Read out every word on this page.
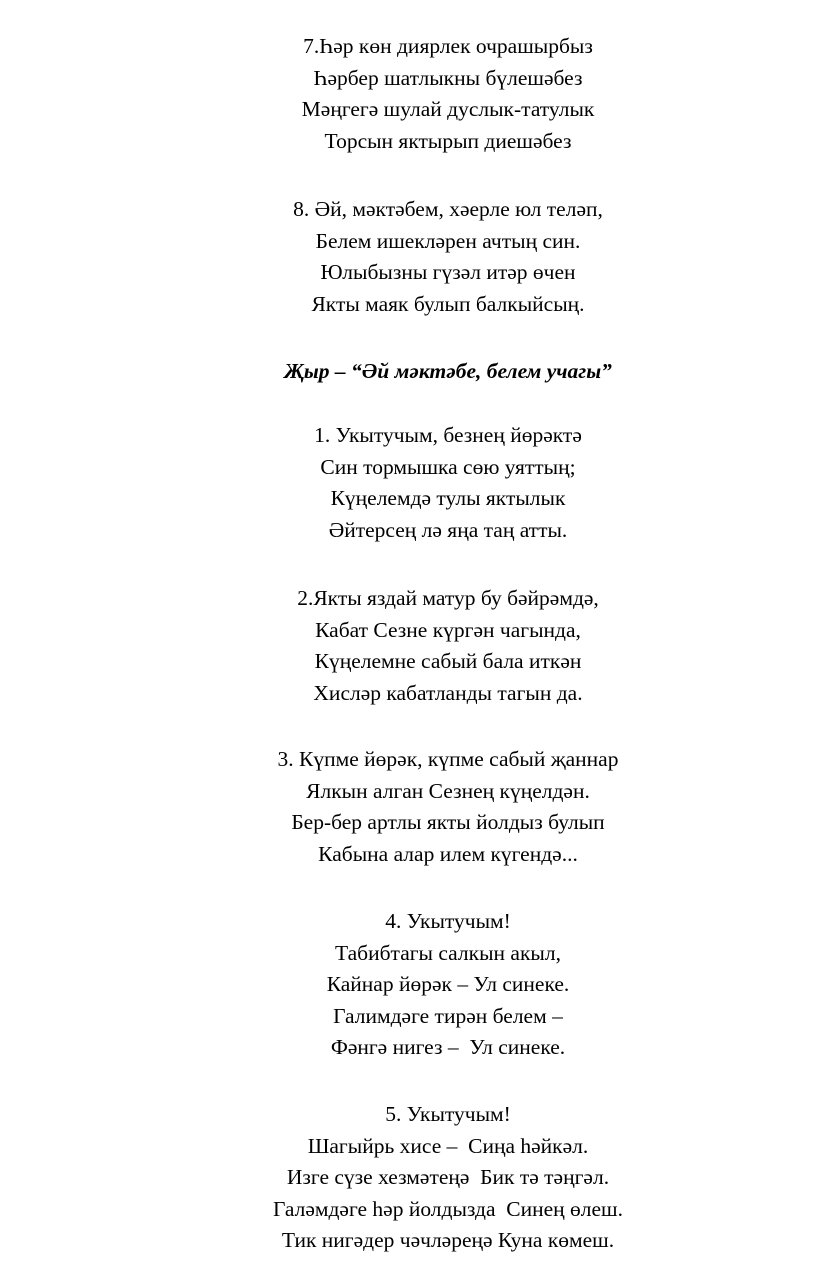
7.Һәр көн диярлек очрашырбыз
Һәрбер шатлыкны бүлешәбез
Мәңгегә шулай дуслык-татулык
Торсын яктырып диешәбез
8. Әй, мәктәбем, хәерле юл теләп,
Белем ишекләрен ачтың син.
Юлыбызны гүзәл итәр өчен
Якты маяк булып балкыйсың.
Җыр – “Әй мәктәбе, белем учагы”
1. Укытучым, безнең йөрәктә
Син тормышка сөю уяттың;
Күңелемдә тулы яктылык
Әйтерсең лә яңа таң атты.
2.Якты яздай матур бу бәйрәмдә,
Кабат Сезне күргән чагында,
Күңелемне сабый бала иткән
Хисләр кабатланды тагын да.
3. Күпме йөрәк, күпме сабый җаннар
Ялкын алган Сезнең күңелдән.
Бер-бер артлы якты йолдыз булып
Кабына алар илем күгендә...
4. Укытучым!
Табибтагы салкын акыл,
Кайнар йөрәк – Ул синеке.
Галимдәге тирән белем –
Фәнгә нигез –  Ул синеке.
5. Укытучым!
Шагыйрь хисе –  Сиңа һәйкәл.
Изге сүзе хезмәтеңә  Бик тә тәңгәл.
Галәмдәге һәр йолдызда  Синең өлеш.
Тик нигәдер чәчләреңә Куна көмеш.
